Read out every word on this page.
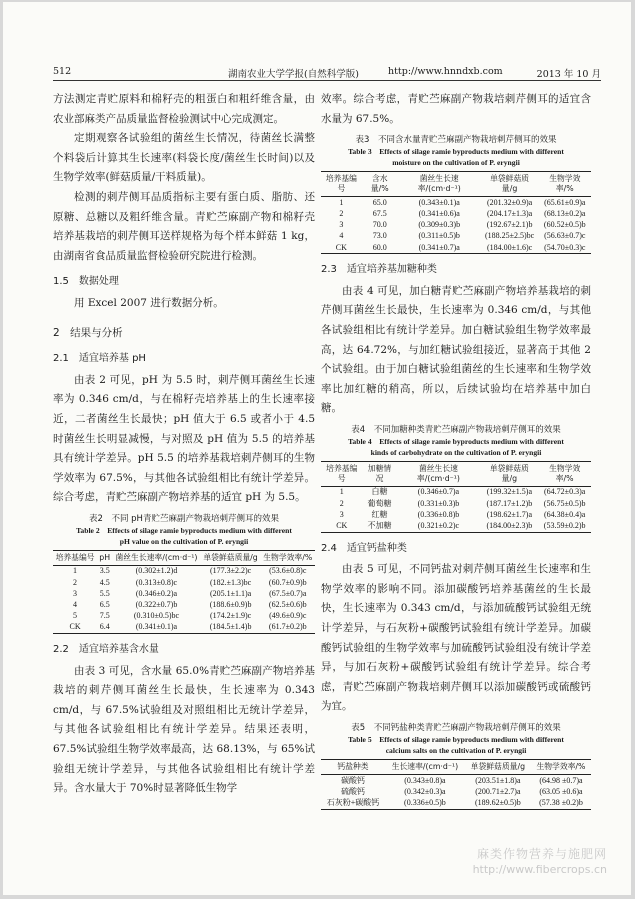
512	湖南农业大学学报(自然科学版)	http://www.hnndxb.com	2013 年 10 月

方法测定青贮原料和棉籽壳的粗蛋白和粗纤维含量，由农业部麻类产品质量监督检验测试中心完成测定。

定期观察各试验组的菌丝生长情况，待菌丝长满整个料袋后计算其生长速率(料袋长度/菌丝生长时间)以及生物学效率(鲜菇质量/干料质量)。

检测的刺芹侧耳品质指标主要有蛋白质、脂肪、还原糖、总糖以及粗纤维含量。青贮苎麻副产物和棉籽壳培养基栽培的刺芹侧耳送样规格为每个样本鲜菇 1 kg，由湖南省食品质量监督检验研究院进行检测。

1.5　数据处理

用 Excel 2007 进行数据分析。

2　结果与分析
2.1　适宜培养基 pH

由表 2 可见，pH 为 5.5 时，刺芹侧耳菌丝生长速率为 0.346 cm/d，与在棉籽壳培养基上的生长速率接近，二者菌丝生长最快；pH 值大于 6.5 或者小于 4.5 时菌丝生长明显减慢，与对照及 pH 值为 5.5 的培养基具有统计学差异。pH 5.5 的培养基栽培刺芹侧耳的生物学效率为 67.5%，与其他各试验组相比有统计学差异。综合考虑，青贮苎麻副产物培养基的适宜 pH 为 5.5。

表2　不同 pH青贮苎麻副产物栽培刺芹侧耳的效果
Table 2　Effects of silage ramie byproducts medium with different
pH value on the cultivation of P. eryngii
培养基编号	pH	菌丝生长速率/(cm·d⁻¹)	单袋鲜菇质量/g	生物学效率/%
1	3.5	(0.302±1.2)d	(177.3±2.2)c	(53.6±0.8)c
2	4.5	(0.313±0.8)c	(182.±1.3)bc	(60.7±0.9)b
3	5.5	(0.346±0.2)a	(205.1±1.1)a	(67.5±0.7)a
4	6.5	(0.322±0.7)b	(188.6±0.9)b	(62.5±0.6)b
5	7.5	(0.310±0.5)bc	(174.2±1.9)c	(49.6±0.9)c
CK	6.4	(0.341±0.1)a	(184.5±1.4)b	(61.7±0.2)b
2.2　适宜培养基含水量

由表 3 可见，含水量 65.0%青贮苎麻副产物培养基栽培的刺芹侧耳菌丝生长最快，生长速率为 0.343 cm/d，与 67.5%试验组及对照组相比无统计学差异，与其他各试验组相比有统计学差异。结果还表明，67.5%试验组生物学效率最高，达 68.13%，与 65%试验组无统计学差异，与其他各试验组相比有统计学差异。含水量大于 70%时显著降低生物学

效率。综合考虑，青贮苎麻副产物栽培刺芹侧耳的适宜含水量为 67.5%。

表3　不同含水量青贮苎麻副产物栽培刺芹侧耳的效果
Table 3　Effects of silage ramie byproducts medium with different
moisture on the cultivation of P. eryngii
培养基编号	含水量/%	菌丝生长速率/(cm·d⁻¹)	单袋鲜菇质量/g	生物学效率/%
1	65.0	(0.343±0.1)a	(201.32±0.9)a	(65.61±0.9)a
2	67.5	(0.341±0.6)a	(204.17±1.3)a	(68.13±0.2)a
3	70.0	(0.309±0.3)b	(192.67±2.1)b	(60.52±0.5)b
4	73.0	(0.311±0.5)b	(188.25±2.5)bc	(56.63±0.7)c
CK	60.0	(0.341±0.7)a	(184.00±1.6)c	(54.70±0.3)c
2.3　适宜培养基加糖种类

由表 4 可见，加白糖青贮苎麻副产物培养基栽培的刺芹侧耳菌丝生长最快，生长速率为 0.346 cm/d，与其他各试验组相比有统计学差异。加白糖试验组生物学效率最高，达 64.72%，与加红糖试验组接近，显著高于其他 2 个试验组。由于加白糖试验组菌丝的生长速率和生物学效率比加红糖的稍高，所以，后续试验均在培养基中加白糖。

表4　不同加糖种类青贮苎麻副产物栽培刺芹侧耳的效果
Table 4　Effects of silage ramie byproducts medium with different
kinds of carbohydrate on the cultivation of P. eryngii
培养基编号	加糖情况	菌丝生长速率/(cm·d⁻¹)	单袋鲜菇质量/g	生物学效率/%
1	白糖	(0.346±0.7)a	(199.32±1.5)a	(64.72±0.3)a
2	葡萄糖	(0.331±0.3)b	(187.17±1.2)b	(56.75±0.5)b
3	红糖	(0.336±0.8)b	(198.62±1.7)a	(64.38±0.4)a
CK	不加糖	(0.321±0.2)c	(184.00±2.3)b	(53.59±0.2)b
2.4　适宜钙盐种类

由表 5 可见，不同钙盐对刺芹侧耳菌丝生长速率和生物学效率的影响不同。添加碳酸钙培养基菌丝的生长最快，生长速率为 0.343 cm/d，与添加硫酸钙试验组无统计学差异，与石灰粉+碳酸钙试验组有统计学差异。加碳酸钙试验组的生物学效率与加硫酸钙试验组没有统计学差异，与加石灰粉+碳酸钙试验组有统计学差异。综合考虑，青贮苎麻副产物栽培刺芹侧耳以添加碳酸钙或硫酸钙为宜。

表5　不同钙盐种类青贮苎麻副产物栽培刺芹侧耳的效果
Table 5　Effects of silage ramie byproducts medium with different
calcium salts on the cultivation of P. eryngii
钙盐种类	生长速率/(cm·d⁻¹)	单袋鲜菇质量/g	生物学效率/%
碳酸钙	(0.343±0.8)a	(203.51±1.8)a	(64.98 ±0.7)a
硫酸钙	(0.342±0.3)a	(200.71±2.7)a	(63.05 ±0.6)a
石灰粉+碳酸钙	(0.336±0.5)b	(189.62±0.5)b	(57.38 ±0.2)b
麻类作物营养与施肥网
http://www.fibercrops.cn
